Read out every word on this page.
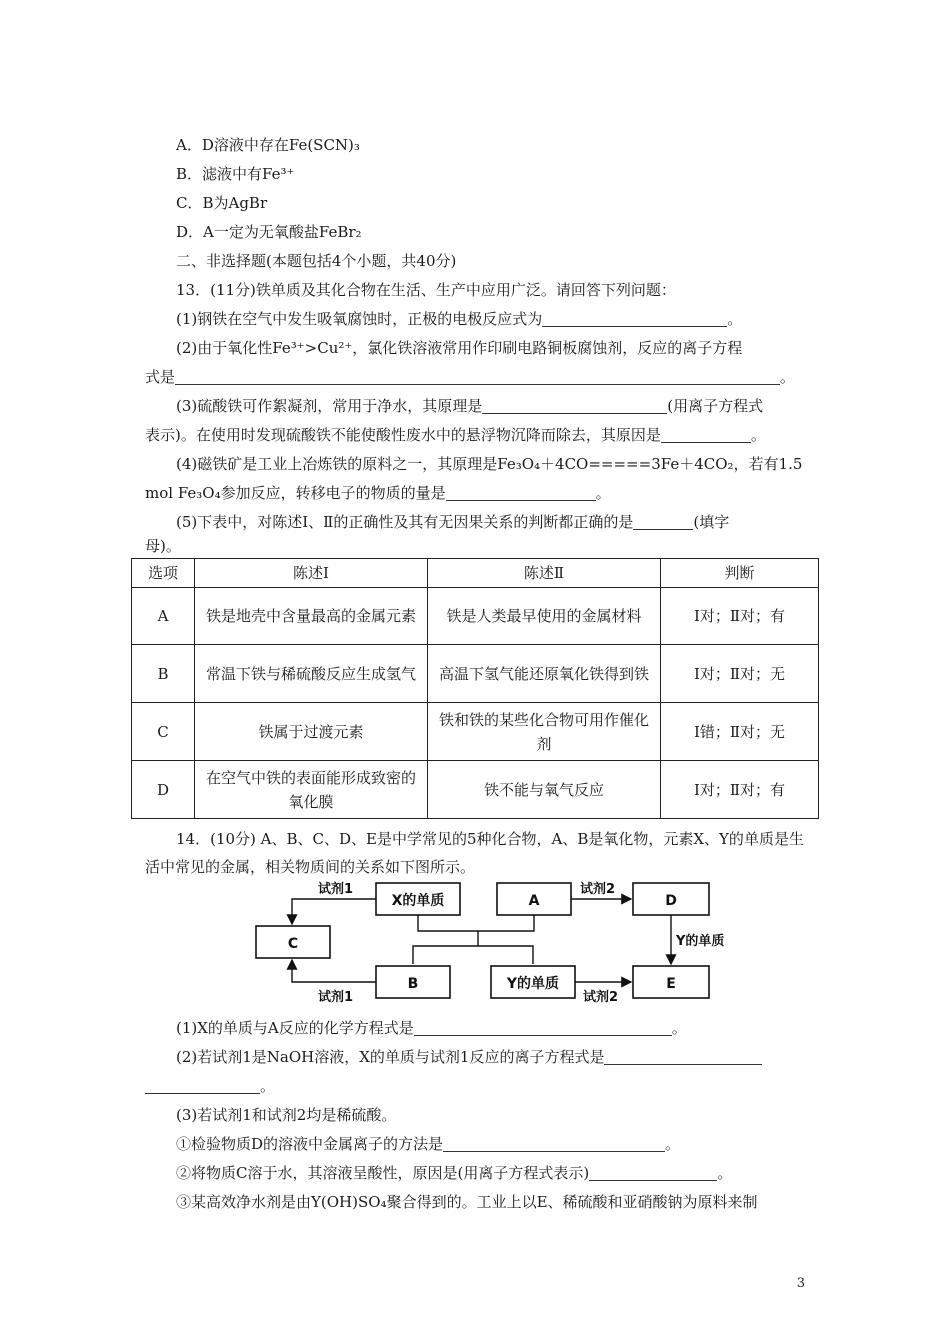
A．D溶液中存在Fe(SCN)₃
B．滤液中有Fe³⁺
C．B为AgBr
D．A一定为无氧酸盐FeBr₂
二、非选择题(本题包括4个小题，共40分)
13．(11分)铁单质及其化合物在生活、生产中应用广泛。请回答下列问题：
(1)钢铁在空气中发生吸氧腐蚀时，正极的电极反应式为	。
(2)由于氧化性Fe³⁺>Cu²⁺，氯化铁溶液常用作印刷电路铜板腐蚀剂，反应的离子方程
式是	。
(3)硫酸铁可作絮凝剂，常用于净水，其原理是	(用离子方程式
表示)。在使用时发现硫酸铁不能使酸性废水中的悬浮物沉降而除去，其原因是	。
(4)磁铁矿是工业上冶炼铁的原料之一，其原理是Fe₃O₄＋4CO=====3Fe＋4CO₂，若有1.5
mol Fe₃O₄参加反应，转移电子的物质的量是	。
(5)下表中，对陈述Ⅰ、Ⅱ的正确性及其有无因果关系的判断都正确的是	(填字
母)。
选项	陈述Ⅰ	陈述Ⅱ	判断
A	铁是地壳中含量最高的金属元素	铁是人类最早使用的金属材料	Ⅰ对；Ⅱ对；有
B	常温下铁与稀硫酸反应生成氢气	高温下氢气能还原氧化铁得到铁	Ⅰ对；Ⅱ对；无
C	铁属于过渡元素	铁和铁的某些化合物可用作催化剂	Ⅰ错；Ⅱ对；无
D	在空气中铁的表面能形成致密的氧化膜	铁不能与氧气反应	Ⅰ对；Ⅱ对；有
14．(10分) A、B、C、D、E是中学常见的5种化合物，A、B是氧化物，元素X、Y的单质是生
活中常见的金属，相关物质间的关系如下图所示。
X的单质	A	D
C
B	Y的单质	E
试剂1
试剂1
试剂2
试剂2
Y的单质
(1)X的单质与A反应的化学方程式是	。
(2)若试剂1是NaOH溶液，X的单质与试剂1反应的离子方程式是
。
(3)若试剂1和试剂2均是稀硫酸。
①检验物质D的溶液中金属离子的方法是	。
②将物质C溶于水，其溶液呈酸性，原因是(用离子方程式表示)	。
③某高效净水剂是由Y(OH)SO₄聚合得到的。工业上以E、稀硫酸和亚硝酸钠为原料来制
3
